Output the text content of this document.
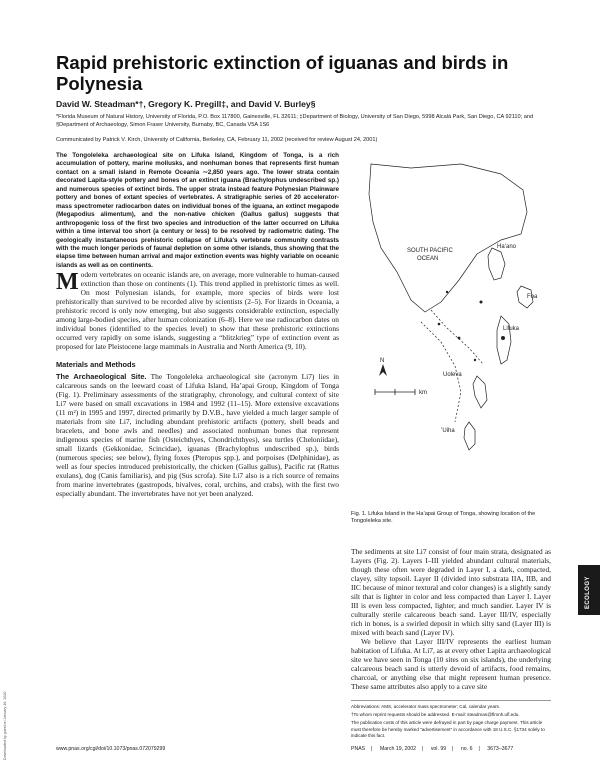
Rapid prehistoric extinction of iguanas and birds in Polynesia
David W. Steadman*†, Gregory K. Pregill‡, and David V. Burley§
*Florida Museum of Natural History, University of Florida, P.O. Box 117800, Gainesville, FL 32611; ‡Department of Biology, University of San Diego, 5998 Alcalá Park, San Diego, CA 92110; and §Department of Archaeology, Simon Fraser University, Burnaby, BC, Canada V5A 1S6
Communicated by Patrick V. Kirch, University of California, Berkeley, CA, February 11, 2002 (received for review August 24, 2001)
The Tongoleleka archaeological site on Lifuka Island, Kingdom of Tonga, is a rich accumulation of pottery, marine mollusks, and nonhuman bones that represents first human contact on a small island in Remote Oceania ∼2,850 years ago. The lower strata contain decorated Lapita-style pottery and bones of an extinct iguana (Brachylophus undescribed sp.) and numerous species of extinct birds. The upper strata instead feature Polynesian Plainware pottery and bones of extant species of vertebrates. A stratigraphic series of 20 accelerator-mass spectrometer radiocarbon dates on individual bones of the iguana, an extinct megapode (Megapodius alimentum), and the non-native chicken (Gallus gallus) suggests that anthropogenic loss of the first two species and introduction of the latter occurred on Lifuka within a time interval too short (a century or less) to be resolved by radiometric dating. The geologically instantaneous prehistoric collapse of Lifuka's vertebrate community contrasts with the much longer periods of faunal depletion on some other islands, thus showing that the elapse time between human arrival and major extinction events was highly variable on oceanic islands as well as on continents.

Modern vertebrates on oceanic islands are, on average, more vulnerable to human-caused extinction than those on continents (1). This trend applied in prehistoric times as well. On most Polynesian islands, for example, more species of birds were lost prehistorically than survived to be recorded alive by scientists (2–5). For lizards in Oceania, a prehistoric record is only now emerging, but also suggests considerable extinction, especially among large-bodied species, after human colonization (6–8). Here we use radiocarbon dates on individual bones (identified to the species level) to show that these prehistoric extinctions occurred very rapidly on some islands, suggesting a “blitzkrieg” type of extinction event as proposed for late Pleistocene large mammals in Australia and North America (9, 10).

Materials and Methods

The Archaeological Site. The Tongoleleka archaeological site (acronym Li7) lies in calcareous sands on the leeward coast of Lifuka Island, Ha’apai Group, Kingdom of Tonga (Fig. 1). Preliminary assessments of the stratigraphy, chronology, and cultural context of site Li7 were based on small excavations in 1984 and 1992 (11–15). More extensive excavations (11 m²) in 1995 and 1997, directed primarily by D.V.B., have yielded a much larger sample of materials from site Li7, including abundant prehistoric artifacts (pottery, shell beads and bracelets, and bone awls and needles) and associated nonhuman bones that represent indigenous species of marine fish (Osteichthyes, Chondrichthyes), sea turtles (Cheloniidae), small lizards (Gekkonidae, Scincidae), iguanas (Brachylophus undescribed sp.), birds (numerous species; see below), flying foxes (Pteropus spp.), and porpoises (Delphinidae), as well as four species introduced prehistorically, the chicken (Gallus gallus), Pacific rat (Rattus exulans), dog (Canis familiaris), and pig (Sus scrofa). Site Li7 also is a rich source of remains from marine invertebrates (gastropods, bivalves, coral, urchins, and crabs), with the first two especially abundant. The invertebrates have not yet been analyzed.

Ha’ano
SOUTH PACIFIC
OCEAN
Foa
Lifuka
Uoleva
’Uiha
N
km
Fig. 1. Lifuka Island in the Ha’apai Group of Tonga, showing location of the Tongoleleka site.

The sediments at site Li7 consist of four main strata, designated as Layers (Fig. 2). Layers I–III yielded abundant cultural materials, though these often were degraded in Layer I, a dark, compacted, clayey, silty topsoil. Layer II (divided into substrata IIA, IIB, and IIC because of minor textural and color changes) is a slightly sandy silt that is lighter in color and less compacted than Layer I. Layer III is even less compacted, lighter, and much sandier. Layer IV is culturally sterile calcareous beach sand. Layer III/IV, especially rich in bones, is a swirled deposit in which silty sand (Layer III) is mixed with beach sand (Layer IV).

We believe that Layer III/IV represents the earliest human habitation of Lifuka. At Li7, as at every other Lapita archaeological site we have seen in Tonga (10 sites on six islands), the underlying calcareous beach sand is utterly devoid of artifacts, food remains, charcoal, or anything else that might represent human presence. These same attributes also apply to a cave site

Abbreviations: AMS, accelerator mass spectrometer; Cal, calendar years.

†To whom reprint requests should be addressed. E-mail: steadman@flmnh.ufl.edu.

The publication costs of this article were defrayed in part by page charge payment. This article must therefore be hereby marked “advertisement” in accordance with 18 U.S.C. §1734 solely to indicate this fact.

www.pnas.org/cgi/doi/10.1073/pnas.072079299	PNAS | March 19, 2002 | vol. 99 | no. 6 | 3673–3677
ECOLOGY
Downloaded by guest on January 16, 2020
